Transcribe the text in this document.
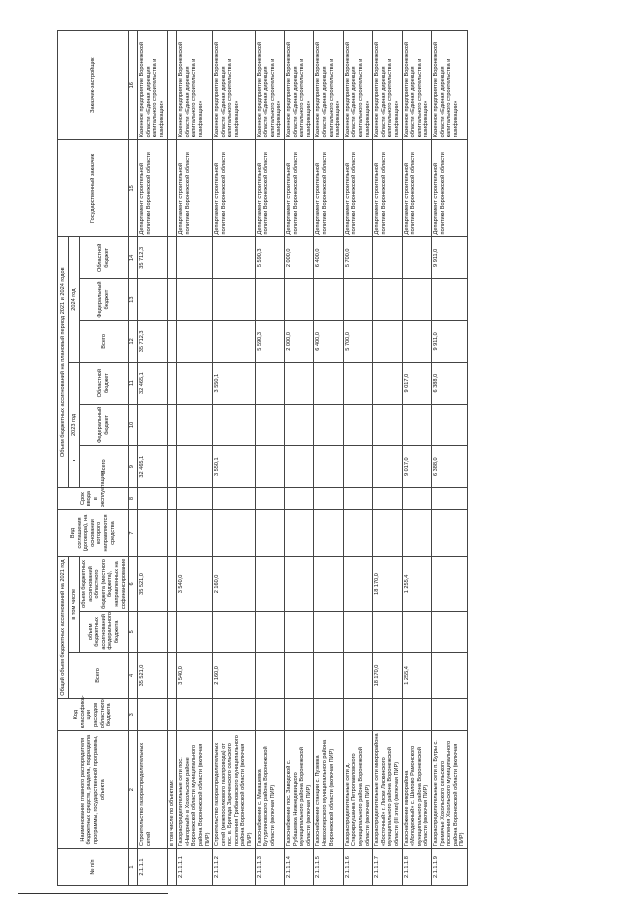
№ п/п	Наименование главного распорядителя бюджетных средств, раздела, подраздела программы, государственной программы, объекта	Код классифика-ции расходов областного бюджета	Общий объем бюджетных ассигнований на 2021 год			Вид соглашения (договора), на основании которого направляются средства	Срок ввода в эксплуатацию	Объем бюджетных ассигнований на плановый период 2021 и 2024 годов						Государственный заказчик	Заказчик-застройщик
			Всего	в том числе				2023 год			2024 год				
				объем бюджетных ассигнований федерального бюджета	объем бюджетных ассигнований областного бюджета (местного бюджета), направленных на софинансирование			Всего	Федеральный бюджет	Областной бюджет	Всего	Федеральный бюджет	Областной бюджет		

1	2	3	4	5	6	7	8	9	10	11	12	13	14	15	16
2.1.1.1	Строительство газораспределительных сетей		35 521,0		35 521,0			32 465,1		32 465,1	35 712,3		35 712,3	Департамент строительной политики Воронежской области	Казенное предприятие Воронежской области «Единая дирекция капитального строительства и газификации»
	в том числе по объектам:														
2.1.1.1.1	Газораспределительные сети пос. «Нагорный» в Хохольском районе Воронежской области муниципального района Воронежской области (включая ПИР)		3 540,0		3 540,0									Департамент строительной политики Воронежской области	Казенное предприятие Воронежской области «Единая дирекция капитального строительства и газификации»
2.1.1.1.2	Строительство газораспределительных сетей (межпоселкового газопровода) от пос. в. Бригада Зареченского сельского поселения Грибановского муниципального района Воронежской области (включая ПИР)		2 160,0		2 160,0			3 550,1		3 550,1				Департамент строительной политики Воронежской области	Казенное предприятие Воронежской области «Единая дирекция капитального строительства и газификации»
2.1.1.1.3	Газоснабжение с. Макашевка Бутурлиновского района Воронежской области (включая ПИР)										5 590,3		5 590,3	Департамент строительной политики Воронежской области	Казенное предприятие Воронежской области «Единая дирекция капитального строительства и газификации»
2.1.1.1.4	Газоснабжение пос. Заводской с. Рубашевка Нижнедевицкого муниципального района Воронежской области (включая ПИР)										2 000,0		2 000,0	Департамент строительной политики Воронежской области	Казенное предприятие Воронежской области «Единая дирекция капитального строительства и газификации»
2.1.1.1.5	Газоснабжение станции с. Пузевка Новохоперского муниципального района Воронежской области (включая ПИР)										6 400,0		6 400,0	Департамент строительной политики Воронежской области	Казенное предприятие Воронежской области «Единая дирекция капитального строительства и газификации»
2.1.1.1.6	Газораспределительные сети д. Старокриушанка Петропавловского муниципального района Воронежской области (включая ПИР)										5 700,0		5 700,0	Департамент строительной политики Воронежской области	Казенное предприятие Воронежской области «Единая дирекция капитального строительства и газификации»
2.1.1.1.7	Газораспределительные сети микрорайона «Восточный» г. Лиски Лискинского муниципального района Воронежской области (III этап) (включая ПИР)		18 170,0		18 170,0									Департамент строительной политики Воронежской области	Казенное предприятие Воронежской области «Единая дирекция капитального строительства и газификации»
2.1.1.1.8	Газоснабжение микрорайона «Молодежный» с. Шилово Рамонского муниципального района Воронежской области (включая ПИР)		1 255,4		1 255,4			9 017,0		9 017,0				Департамент строительной политики Воронежской области	Казенное предприятие Воронежской области «Единая дирекция капитального строительства и газификации»
2.1.1.1.9	Газораспределительные сети п. Бугры с. Гремячье Хохольского сельского поселения Хохольского муниципального района Воронежской области (включая ПИР)							6 388,0		6 388,0	9 911,0		9 911,0	Департамент строительной политики Воронежской области	Казенное предприятие Воронежской области «Единая дирекция капитального строительства и газификации»
